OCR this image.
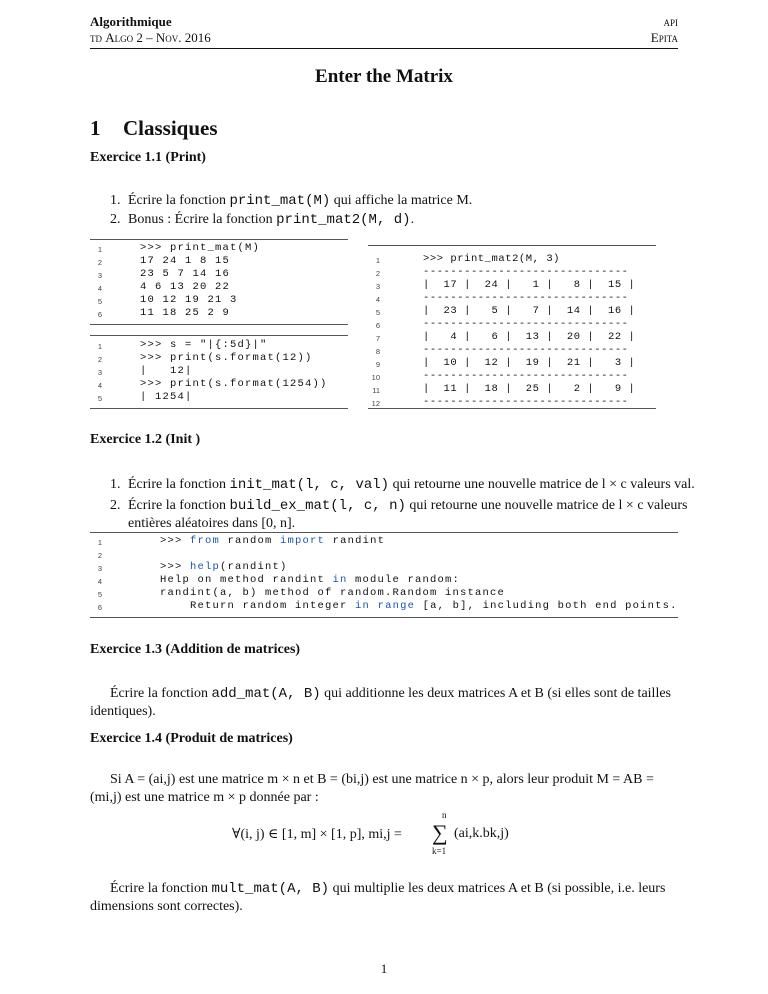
Algorithmique
td Algo 2 – Nov. 2016
api
Epita
Enter the Matrix
1 Classiques
Exercice 1.1 (Print)
1. Écrire la fonction print_mat(M) qui affiche la matrice M.
2. Bonus : Écrire la fonction print_mat2(M, d).
1	>>> print_mat(M)
2	17 24 1 8 15
3	23 5 7 14 16
4	4 6 13 20 22
5	10 12 19 21 3
6	11 18 25 2 9
1	>>> s = "|{:5d}|"
2	>>> print(s.format(12))
3	|   12|
4	>>> print(s.format(1254))
5	| 1254|
1	>>> print_mat2(M, 3)
2	------------------------------
3	|  17 |  24 |   1 |   8 |  15 |
4	------------------------------
5	|  23 |   5 |   7 |  14 |  16 |
6	------------------------------
7	|   4 |   6 |  13 |  20 |  22 |
8	------------------------------
9	|  10 |  12 |  19 |  21 |   3 |
10	------------------------------
11	|  11 |  18 |  25 |   2 |   9 |
12	------------------------------
Exercice 1.2 (Init )
1. Écrire la fonction init_mat(l, c, val) qui retourne une nouvelle matrice de l × c valeurs val.
2. Écrire la fonction build_ex_mat(l, c, n) qui retourne une nouvelle matrice de l × c valeurs
entières aléatoires dans [0, n].
1	>>> from random import randint
2
3	>>> help(randint)
4	Help on method randint in module random:
5	randint(a, b) method of random.Random instance
6	Return random integer in range [a, b], including both end points.
Exercice 1.3 (Addition de matrices)
Écrire la fonction add_mat(A, B) qui additionne les deux matrices A et B (si elles sont de tailles
identiques).
Exercice 1.4 (Produit de matrices)
Si A = (ai,j) est une matrice m × n et B = (bi,j) est une matrice n × p, alors leur produit M = AB =
(mi,j) est une matrice m × p donnée par :
∀(i, j) ∈ [1, m] × [1, p], mi,j =
n
∑
k=1
(ai,k.bk,j)
Écrire la fonction mult_mat(A, B) qui multiplie les deux matrices A et B (si possible, i.e. leurs
dimensions sont correctes).
1
